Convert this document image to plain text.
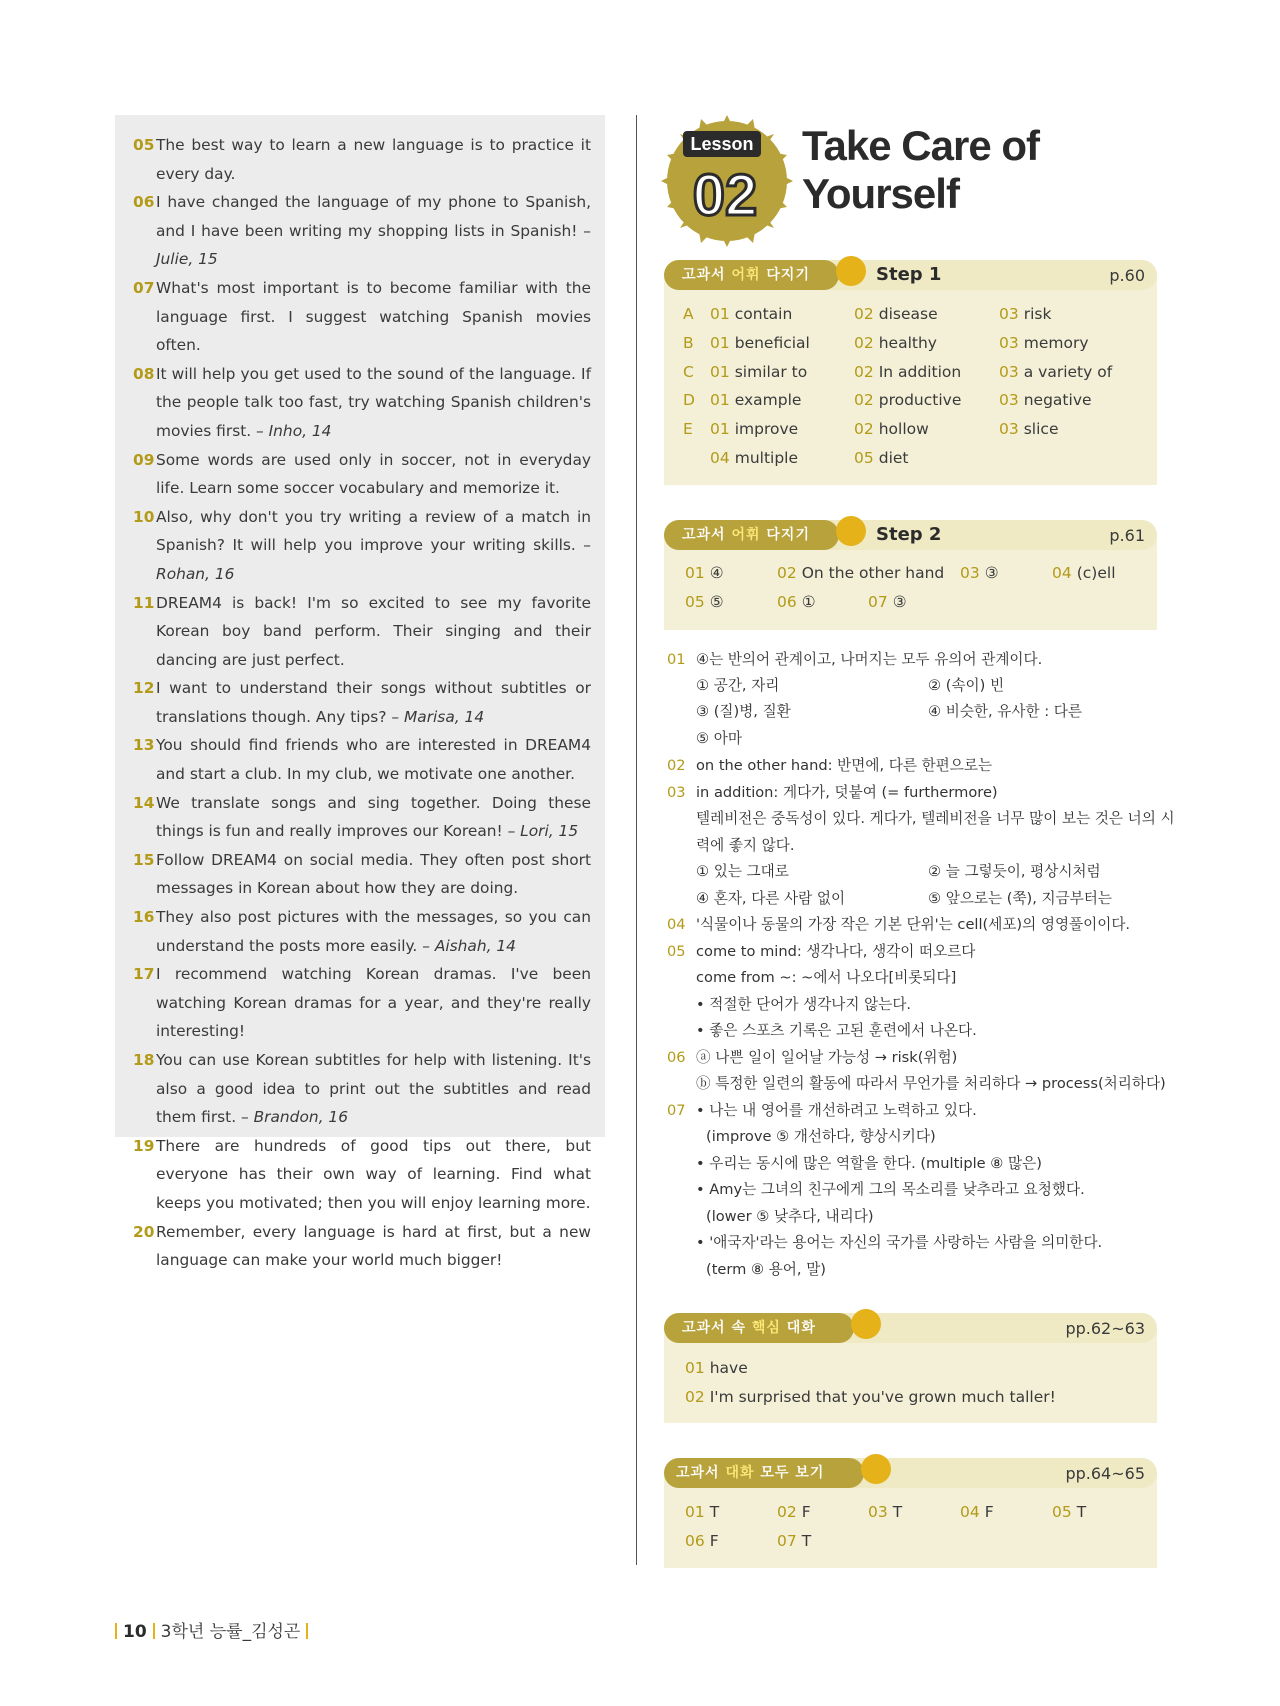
05 The best way to learn a new language is to practice it every day.
06 I have changed the language of my phone to Spanish, and I have been writing my shopping lists in Spanish! – Julie, 15
07 What's most important is to become familiar with the language first. I suggest watching Spanish movies often.
08 It will help you get used to the sound of the language. If the people talk too fast, try watching Spanish children's movies first. – Inho, 14
09 Some words are used only in soccer, not in everyday life. Learn some soccer vocabulary and memorize it.
10 Also, why don't you try writing a review of a match in Spanish? It will help you improve your writing skills. – Rohan, 16
11 DREAM4 is back! I'm so excited to see my favorite Korean boy band perform. Their singing and their dancing are just perfect.
12 I want to understand their songs without subtitles or translations though. Any tips? – Marisa, 14
13 You should find friends who are interested in DREAM4 and start a club. In my club, we motivate one another.
14 We translate songs and sing together. Doing these things is fun and really improves our Korean! – Lori, 15
15 Follow DREAM4 on social media. They often post short messages in Korean about how they are doing.
16 They also post pictures with the messages, so you can understand the posts more easily. – Aishah, 14
17 I recommend watching Korean dramas. I've been watching Korean dramas for a year, and they're really interesting!
18 You can use Korean subtitles for help with listening. It's also a good idea to print out the subtitles and read them first. – Brandon, 16
19 There are hundreds of good tips out there, but everyone has their own way of learning. Find what keeps you motivated; then you will enjoy learning more.
20 Remember, every language is hard at first, but a new language can make your world much bigger!
Lesson
02
Take Care of
Yourself
고과서 어휘 다지기	Step 1	p.60
A 01 contain	02 disease	03 risk
B 01 beneficial	02 healthy	03 memory
C 01 similar to	02 In addition 03 a variety of
D 01 example	02 productive 03 negative
E 01 improve	02 hollow	03 slice
04 multiple	05 diet
고과서 어휘 다지기	Step 2	p.61
01 ④	02 On the other hand 03 ③	04 (c)ell
05 ⑤	06 ①	07 ③
01 ④는 반의어 관계이고, 나머지는 모두 유의어 관계이다.
① 공간, 자리	② (속이) 빈
③ (질)병, 질환	④ 비슷한, 유사한 : 다른
⑤ 아마
02 on the other hand: 반면에, 다른 한편으로는
03 in addition: 게다가, 덧붙여 (= furthermore)
텔레비전은 중독성이 있다. 게다가, 텔레비전을 너무 많이 보는 것은 너의 시
력에 좋지 않다.
① 있는 그대로	② 늘 그렇듯이, 평상시처럼
④ 혼자, 다른 사람 없이	⑤ 앞으로는 (쭉), 지금부터는
04 '식물이나 동물의 가장 작은 기본 단위'는 cell(세포)의 영영풀이이다.
05 come to mind: 생각나다, 생각이 떠오르다
come from ~: ~에서 나오다[비롯되다]
• 적절한 단어가 생각나지 않는다.
• 좋은 스포츠 기록은 고된 훈련에서 나온다.
06 ⓐ 나쁜 일이 일어날 가능성 → risk(위험)
ⓑ 특정한 일련의 활동에 따라서 무언가를 처리하다 → process(처리하다)
07 • 나는 내 영어를 개선하려고 노력하고 있다.
(improve ⑤ 개선하다, 향상시키다)
• 우리는 동시에 많은 역할을 한다. (multiple ⑧ 많은)
• Amy는 그녀의 친구에게 그의 목소리를 낮추라고 요청했다.
(lower ⑤ 낮추다, 내리다)
• '애국자'라는 용어는 자신의 국가를 사랑하는 사람을 의미한다.
(term ⑧ 용어, 말)
고과서 속 핵심 대화	pp.62~63
01 have
02 I'm surprised that you've grown much taller!
고과서 대화 모두 보기	pp.64~65
01 T	02 F	03 T	04 F	05 T
06 F	07 T
10 3학년 능률_김성곤
